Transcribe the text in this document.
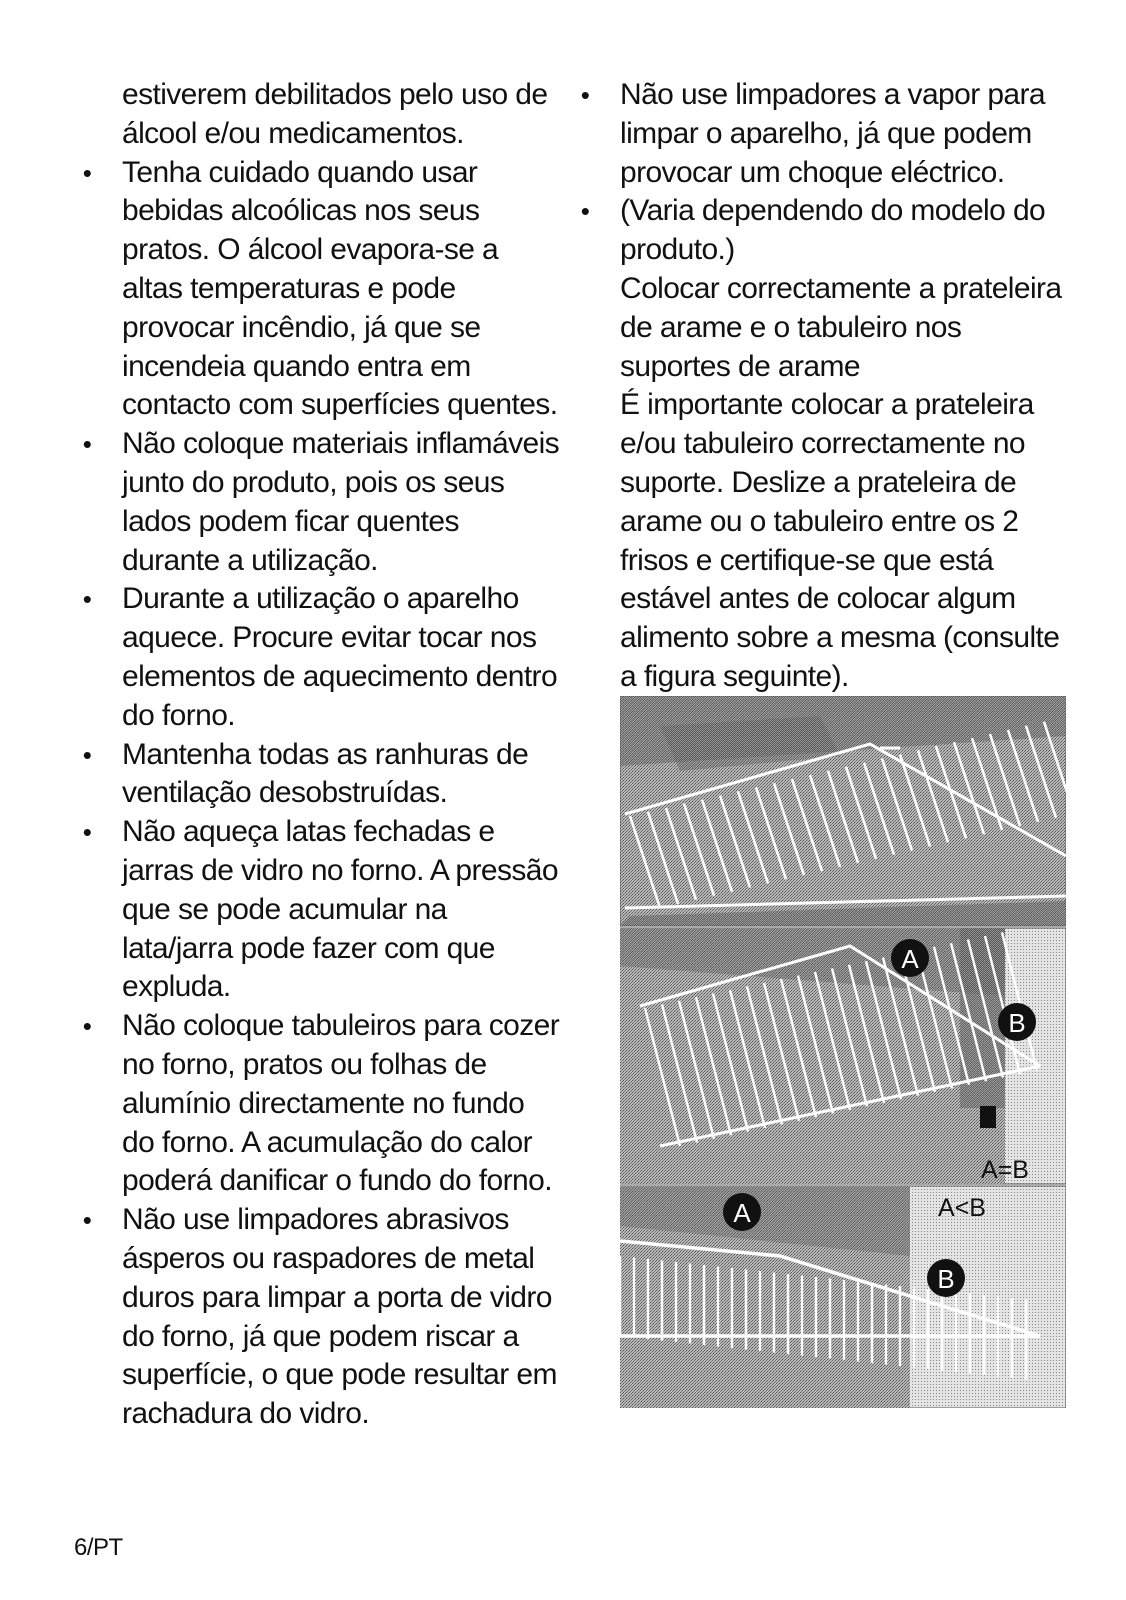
estiverem debilitados pelo uso de álcool e/ou medicamentos.
• Tenha cuidado quando usar bebidas alcoólicas nos seus pratos. O álcool evapora-se a altas temperaturas e pode provocar incêndio, já que se incendeia quando entra em contacto com superfícies quentes.
• Não coloque materiais inflamáveis junto do produto, pois os seus lados podem ficar quentes durante a utilização.
• Durante a utilização o aparelho aquece. Procure evitar tocar nos elementos de aquecimento dentro do forno.
• Mantenha todas as ranhuras de ventilação desobstruídas.
• Não aqueça latas fechadas e jarras de vidro no forno. A pressão que se pode acumular na lata/jarra pode fazer com que expluda.
• Não coloque tabuleiros para cozer no forno, pratos ou folhas de alumínio directamente no fundo do forno. A acumulação do calor poderá danificar o fundo do forno.
• Não use limpadores abrasivos ásperos ou raspadores de metal duros para limpar a porta de vidro do forno, já que podem riscar a superfície, o que pode resultar em rachadura do vidro.
• Não use limpadores a vapor para limpar o aparelho, já que podem provocar um choque eléctrico.
• (Varia dependendo do modelo do produto.)
Colocar correctamente a prateleira de arame e o tabuleiro nos suportes de arame
É importante colocar a prateleira e/ou tabuleiro correctamente no suporte. Deslize a prateleira de arame ou o tabuleiro entre os 2 frisos e certifique-se que está estável antes de colocar algum alimento sobre a mesma (consulte a figura seguinte).
A
B
A=B
A
B
A<B
6/PT
